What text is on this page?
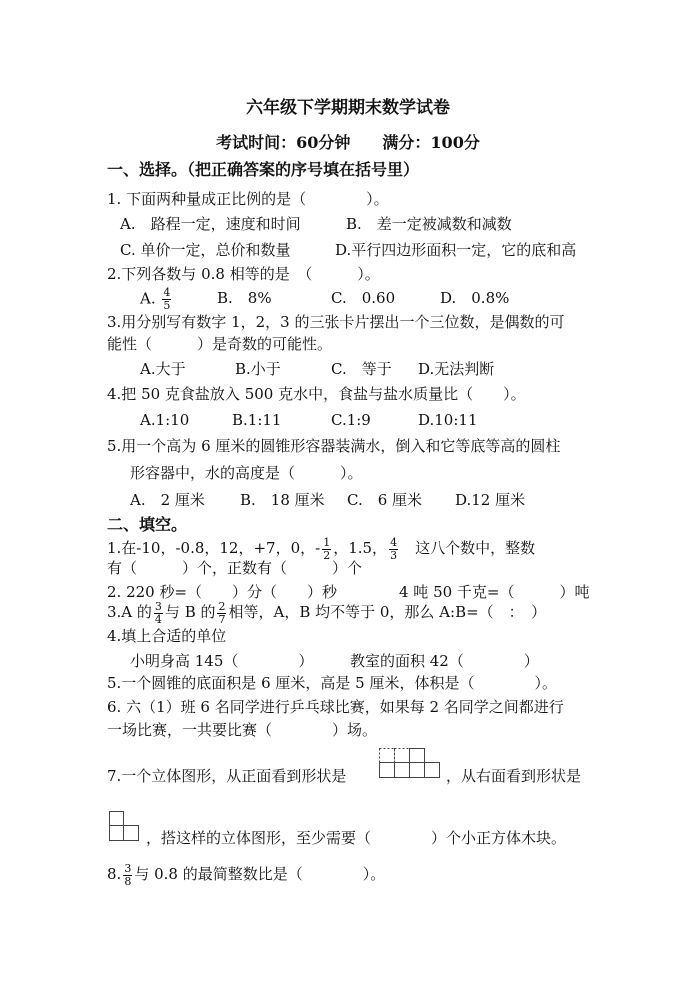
六年级下学期期末数学试卷
考试时间：60分钟　　满分：100分
一、选择。（把正确答案的序号填在括号里）
1. 下面两种量成正比例的是（　　　　）。
A.　路程一定，速度和时间	B.　差一定被减数和减数
C. 单价一定，总价和数量	D.平行四边形面积一定，它的底和高
2.下列各数与 0.8 相等的是　（　　　）。
A. $\frac{4}{5}$	B.　8%	C.　0.60	D.　0.8%
3.用分别写有数字 1，2，3 的三张卡片摆出一个三位数，是偶数的可
能性（　　　）是奇数的可能性。
A.大于	B.小于	C.　等于 D.无法判断
4.把 50 克食盐放入 500 克水中，食盐与盐水质量比（　　）。
A.1:10	B.1:11	C.1:9	D.10:11
5.用一个高为 6 厘米的圆锥形容器装满水，倒入和它等底等高的圆柱
形容器中，水的高度是（　　　）。
A.　2 厘米 B.　18 厘米 C.　6 厘米 D.12 厘米
二、填空。
1.在-10，-0.8，12，+7，0，- $\frac{1}{2}$ ，1.5， $\frac{4}{3}$ 　这八个数中，整数
有（　　　）个，正数有（　　　）个
2. 220 秒=（　　）分（　　）秒	4 吨 50 千克=（　　　）吨
3.A 的 $\frac{3}{4}$ 与 B 的 $\frac{2}{7}$ 相等，A，B 均不等于 0，那么 A:B=（　：　）
4.填上合适的单位
小明身高 145（　　　　） 教室的面积 42（　　　　）
5.一个圆锥的底面积是 6 厘米，高是 5 厘米，体积是（　　　　）。
6. 六（1）班 6 名同学进行乒乓球比赛，如果每 2 名同学之间都进行
一场比赛，一共要比赛（　　　　）场。
7.一个立体图形，从正面看到形状是	，从右面看到形状是
，搭这样的立体图形，至少需要（　　　　）个小正方体木块。
8. $\frac{3}{8}$ 与 0.8 的最简整数比是（　　　　）。
